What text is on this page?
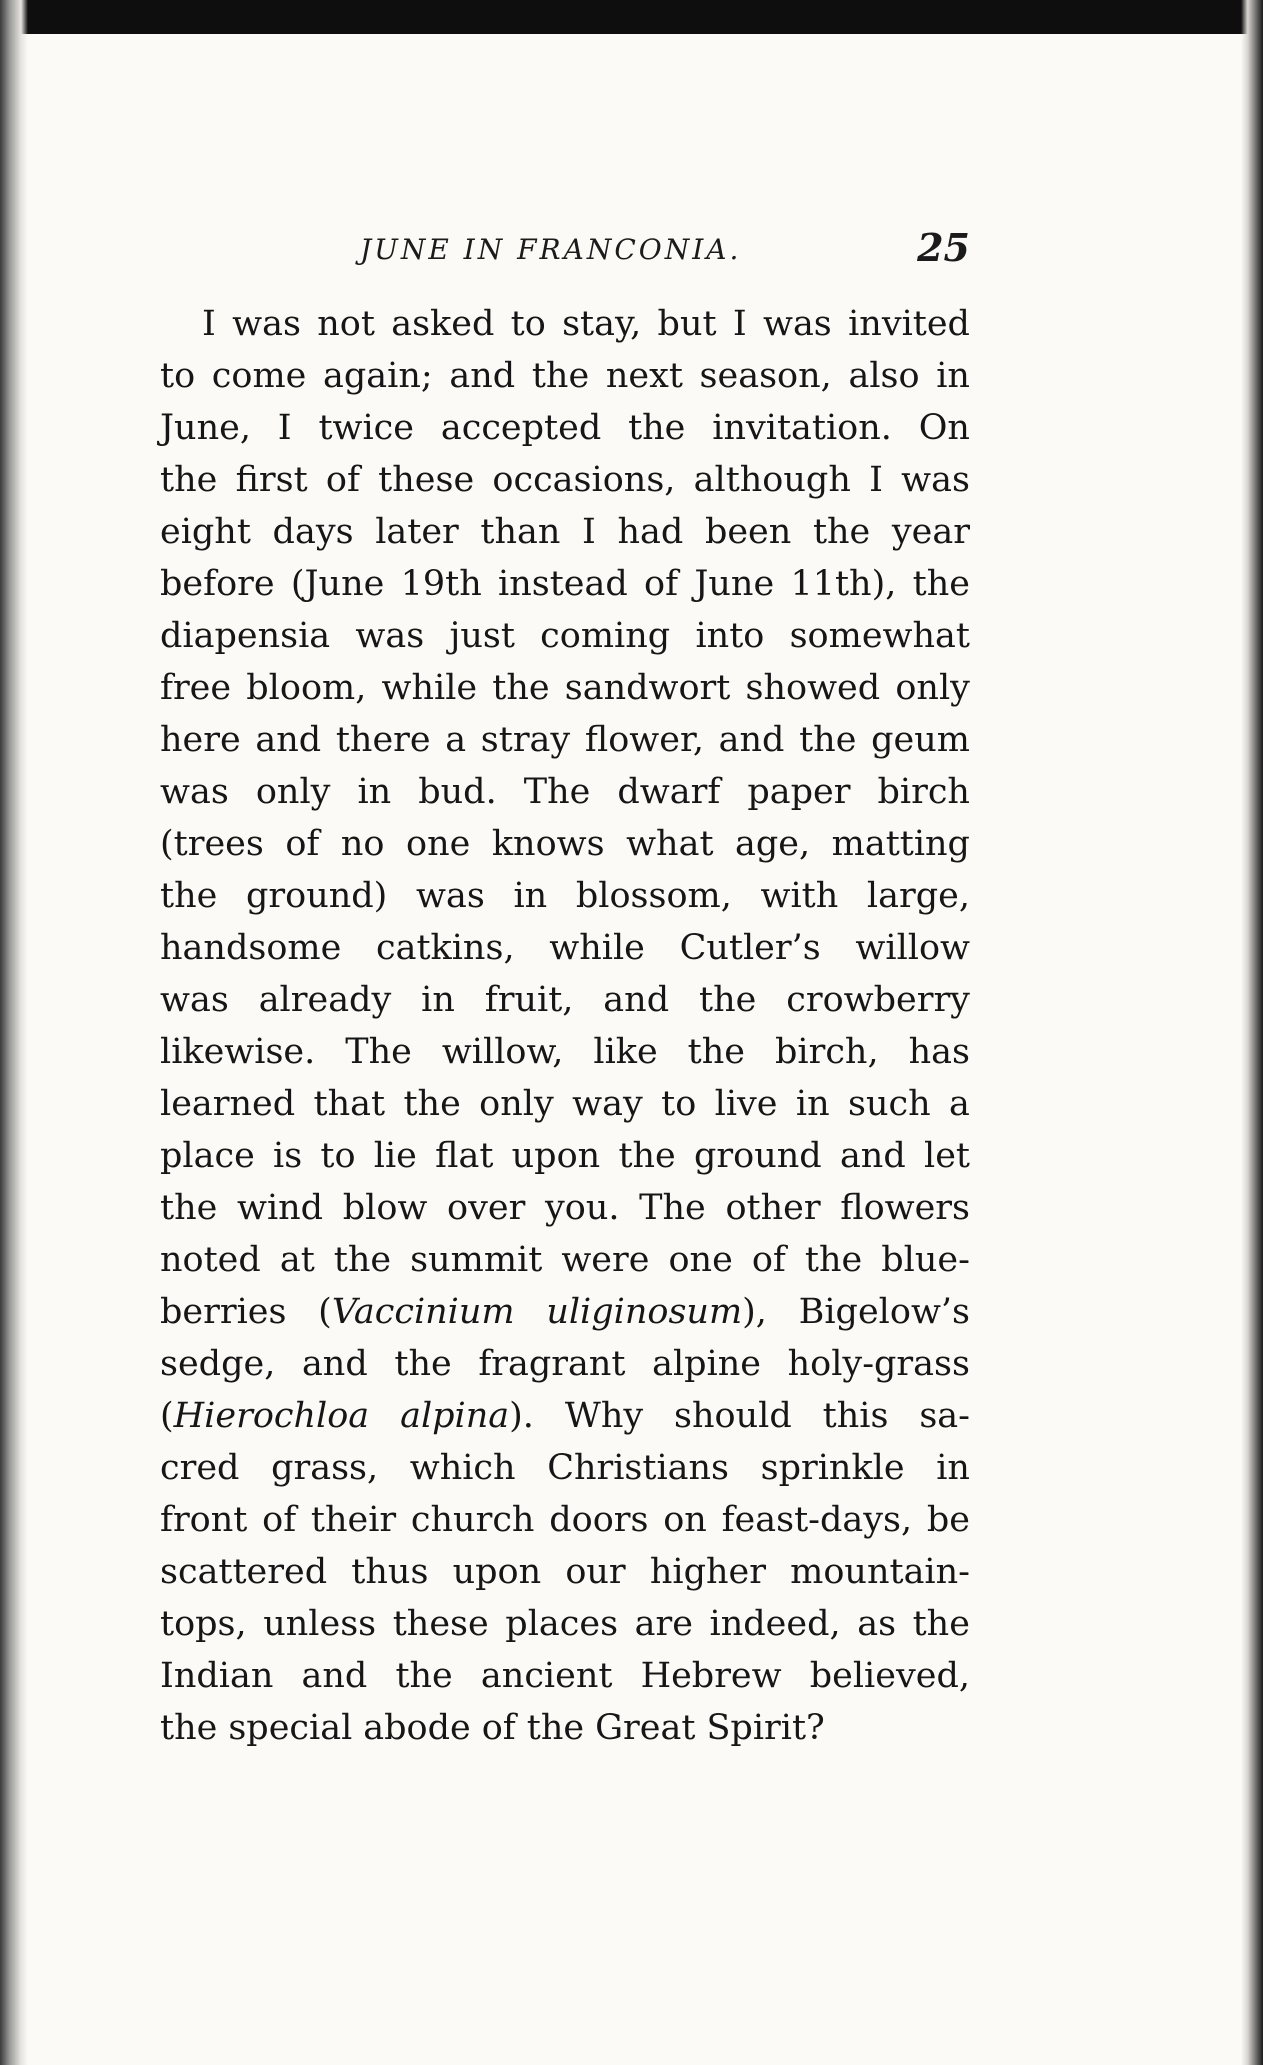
JUNE IN FRANCONIA.	25
I was not asked to stay, but I was invited
to come again; and the next season, also in
June, I twice accepted the invitation. On
the first of these occasions, although I was
eight days later than I had been the year
before (June 19th instead of June 11th), the
diapensia was just coming into somewhat
free bloom, while the sandwort showed only
here and there a stray flower, and the geum
was only in bud. The dwarf paper birch
(trees of no one knows what age, matting
the ground) was in blossom, with large,
handsome catkins, while Cutler’s willow
was already in fruit, and the crowberry
likewise. The willow, like the birch, has
learned that the only way to live in such a
place is to lie flat upon the ground and let
the wind blow over you. The other flowers
noted at the summit were one of the blue-
berries (Vaccinium uliginosum), Bigelow’s
sedge, and the fragrant alpine holy-grass
(Hierochloa alpina). Why should this sa-
cred grass, which Christians sprinkle in
front of their church doors on feast-days, be
scattered thus upon our higher mountain-
tops, unless these places are indeed, as the
Indian and the ancient Hebrew believed,
the special abode of the Great Spirit?
